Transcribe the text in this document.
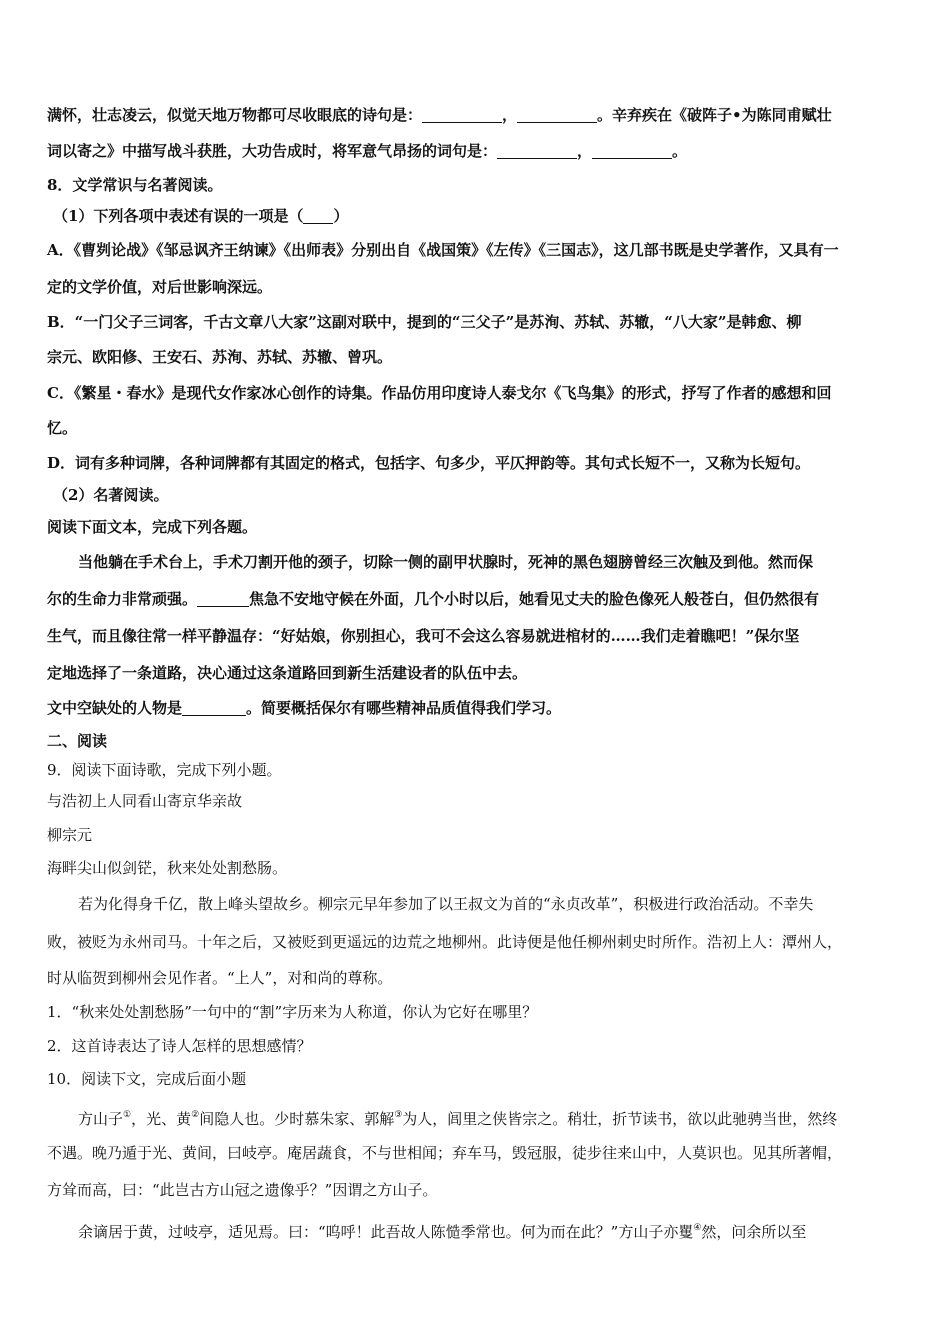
满怀，壮志凌云，似觉天地万物都可尽收眼底的诗句是：	，	。辛弃疾在《破阵子•为陈同甫赋壮
词以寄之》中描写战斗获胜，大功告成时，将军意气昂扬的词句是：	，	。
8．文学常识与名著阅读。
（1）下列各项中表述有误的一项是（ ）
A．《曹刿论战》《邹忌讽齐王纳谏》《出师表》分别出自《战国策》《左传》《三国志》，这几部书既是史学著作，又具有一
定的文学价值，对后世影响深远。
B．“一门父子三词客，千古文章八大家”这副对联中，提到的“三父子”是苏洵、苏轼、苏辙，“八大家”是韩愈、柳
宗元、欧阳修、王安石、苏洵、苏轼、苏辙、曾巩。
C．《繁星・春水》是现代女作家冰心创作的诗集。作品仿用印度诗人泰戈尔《飞鸟集》的形式，抒写了作者的感想和回
忆。
D．词有多种词牌，各种词牌都有其固定的格式，包括字、句多少，平仄押韵等。其句式长短不一，又称为长短句。
（2）名著阅读。
阅读下面文本，完成下列各题。
当他躺在手术台上，手术刀割开他的颈子，切除一侧的副甲状腺时，死神的黑色翅膀曾经三次触及到他。然而保
尔的生命力非常顽强。	焦急不安地守候在外面，几个小时以后，她看见丈夫的脸色像死人般苍白，但仍然很有
生气，而且像往常一样平静温存：“好姑娘，你别担心，我可不会这么容易就进棺材的……我们走着瞧吧！”保尔坚
定地选择了一条道路，决心通过这条道路回到新生活建设者的队伍中去。
文中空缺处的人物是	。简要概括保尔有哪些精神品质值得我们学习。
二、阅读
9．阅读下面诗歌，完成下列小题。
与浩初上人同看山寄京华亲故
柳宗元
海畔尖山似剑铓，秋来处处割愁肠。
若为化得身千亿，散上峰头望故乡。柳宗元早年参加了以王叔文为首的“永贞改革”，积极进行政治活动。不幸失
败，被贬为永州司马。十年之后，又被贬到更遥远的边荒之地柳州。此诗便是他任柳州刺史时所作。浩初上人：潭州人，
时从临贺到柳州会见作者。“上人”，对和尚的尊称。
1．“秋来处处割愁肠”一句中的“割”字历来为人称道，你认为它好在哪里？
2．这首诗表达了诗人怎样的思想感情？
10．阅读下文，完成后面小题
方山子①，光、黄②间隐人也。少时慕朱家、郭解③为人，闾里之侠皆宗之。稍壮，折节读书，欲以此驰骋当世，然终
不遇。晚乃遁于光、黄间，曰岐亭。庵居蔬食，不与世相闻；弃车马，毁冠服，徒步往来山中，人莫识也。见其所著帽，
方耸而高，曰：“此岂古方山冠之遗像乎？”因谓之方山子。
余谪居于黄，过岐亭，适见焉。曰：“呜呼！此吾故人陈慥季常也。何为而在此？”方山子亦矍④然，问余所以至
